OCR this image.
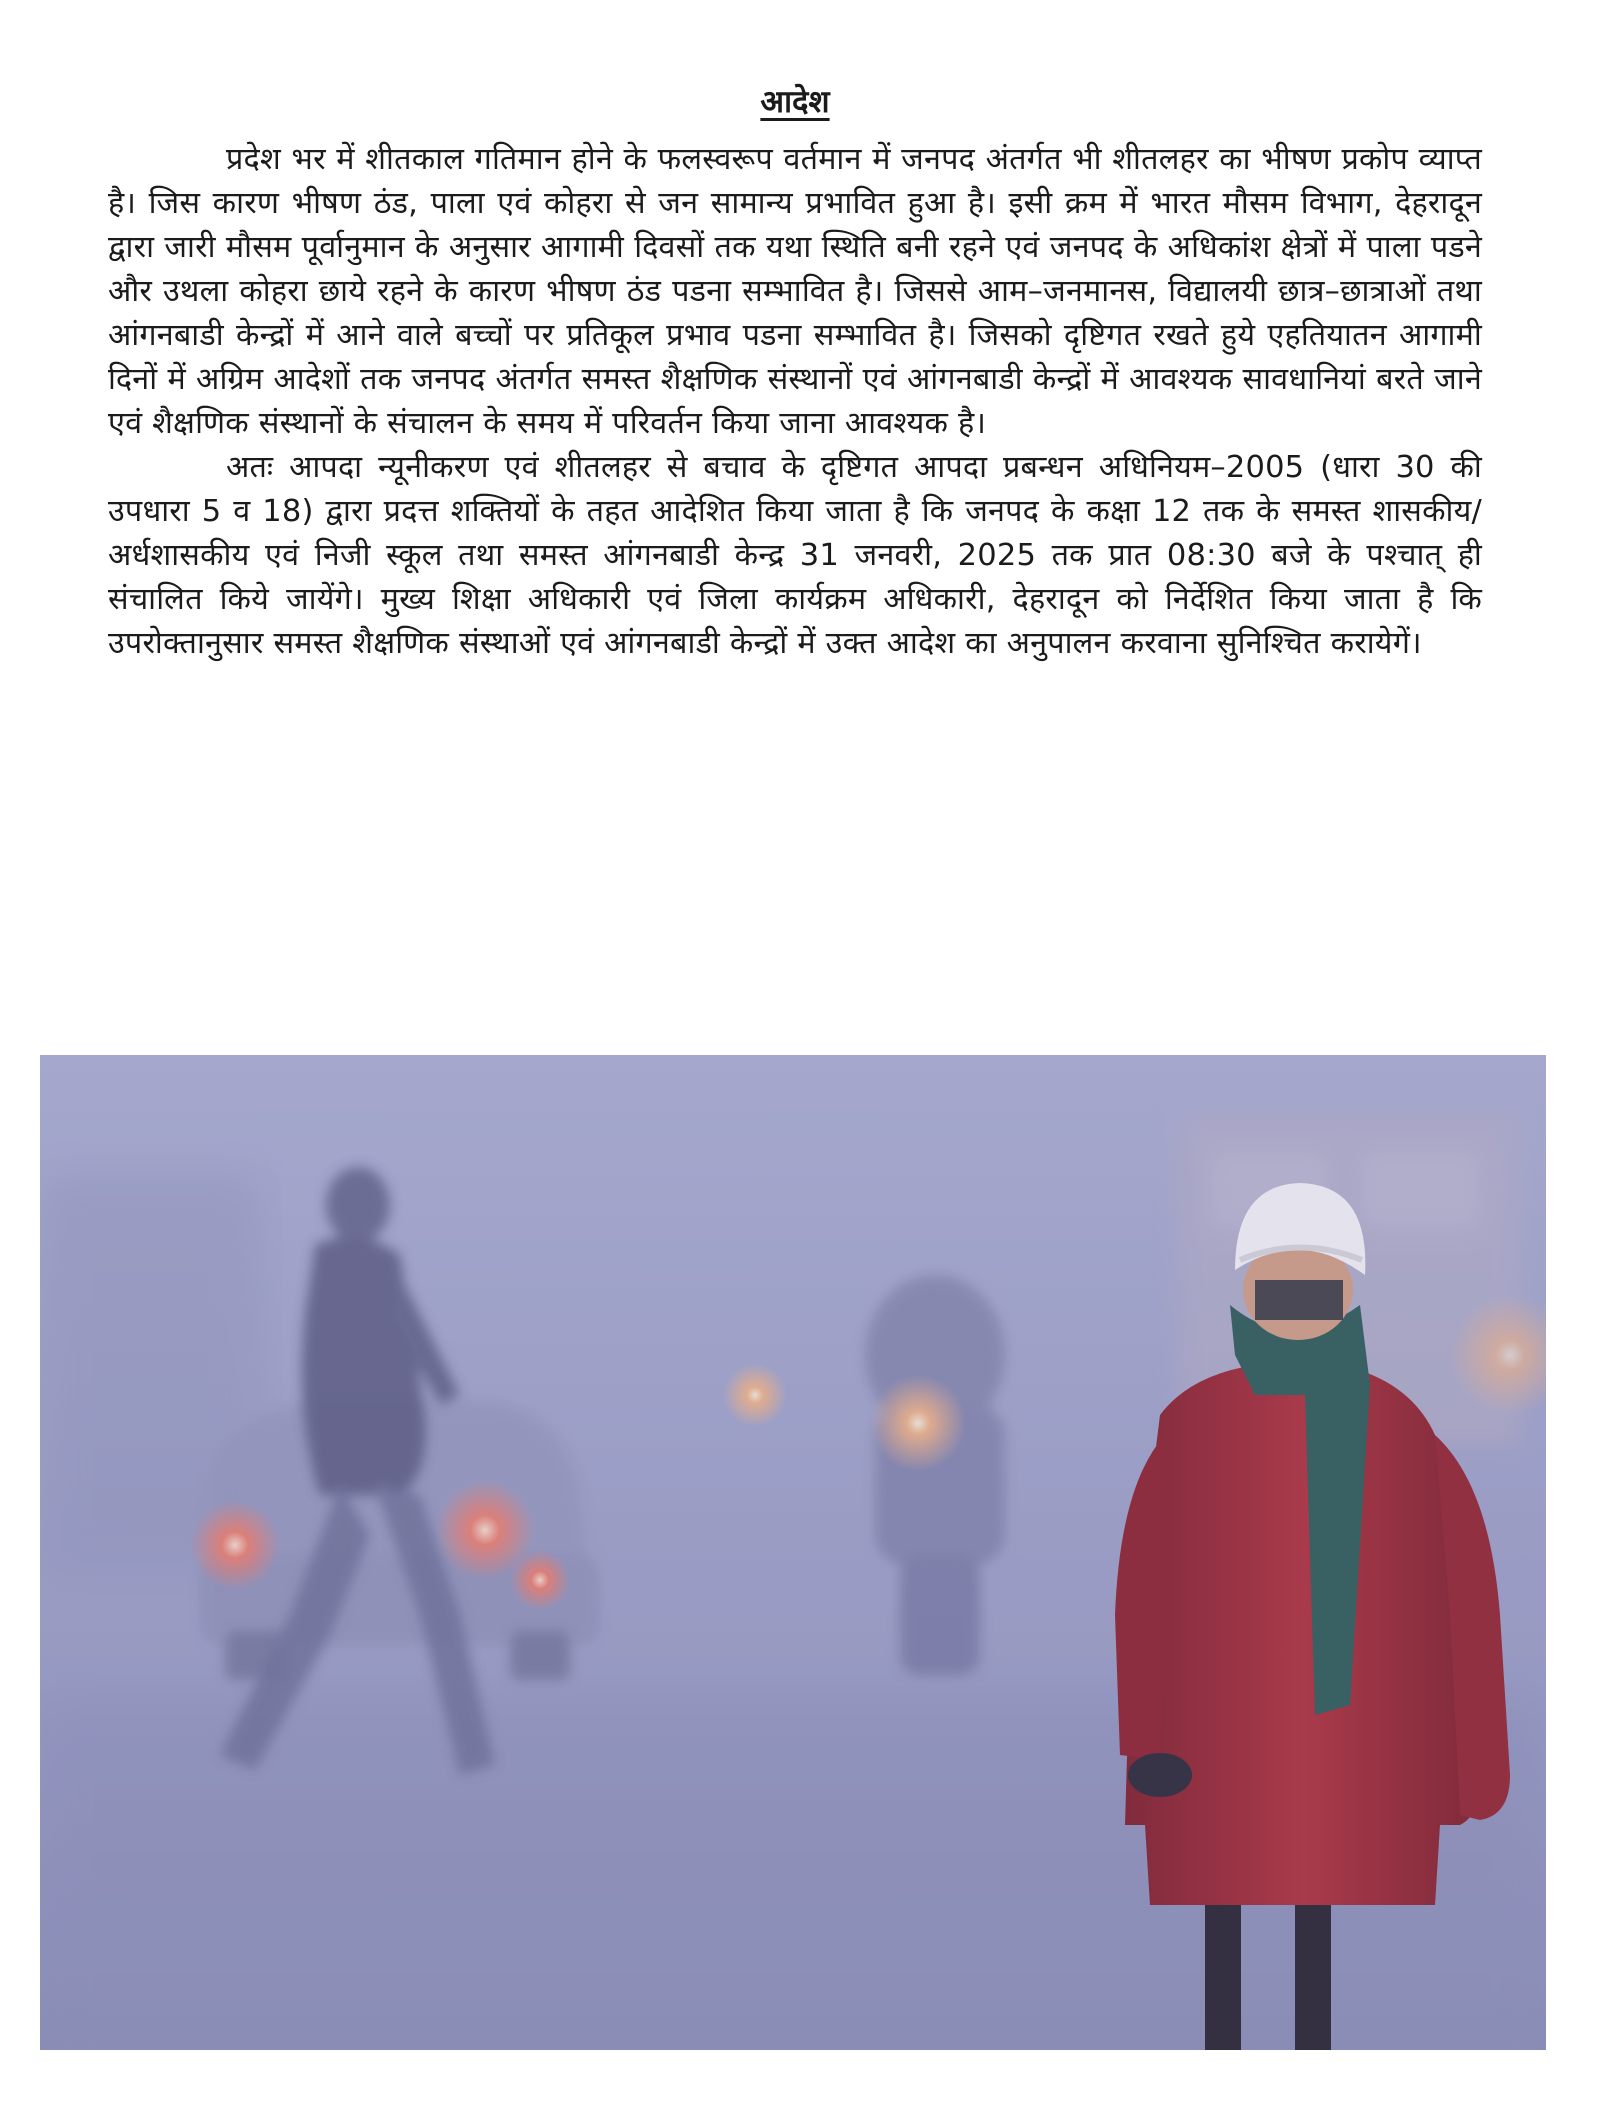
आदेश

प्रदेश भर में शीतकाल गतिमान होने के फलस्वरूप वर्तमान में जनपद अंतर्गत भी शीतलहर का भीषण प्रकोप व्याप्त है। जिस कारण भीषण ठंड, पाला एवं कोहरा से जन सामान्य प्रभावित हुआ है। इसी क्रम में भारत मौसम विभाग, देहरादून द्वारा जारी मौसम पूर्वानुमान के अनुसार आगामी दिवसों तक यथा स्थिति बनी रहने एवं जनपद के अधिकांश क्षेत्रों में पाला पडने और उथला कोहरा छाये रहने के कारण भीषण ठंड पडना सम्भावित है। जिससे आम–जनमानस, विद्यालयी छात्र–छात्राओं तथा आंगनबाडी केन्द्रों में आने वाले बच्चों पर प्रतिकूल प्रभाव पडना सम्भावित है। जिसको दृष्टिगत रखते हुये एहतियातन आगामी दिनों में अग्रिम आदेशों तक जनपद अंतर्गत समस्त शैक्षणिक संस्थानों एवं आंगनबाडी केन्द्रों में आवश्यक सावधानियां बरते जाने एवं शैक्षणिक संस्थानों के संचालन के समय में परिवर्तन किया जाना आवश्यक है।

अतः आपदा न्यूनीकरण एवं शीतलहर से बचाव के दृष्टिगत आपदा प्रबन्धन अधिनियम–2005 (धारा 30 की उपधारा 5 व 18) द्वारा प्रदत्त शक्तियों के तहत आदेशित किया जाता है कि जनपद के कक्षा 12 तक के समस्त शासकीय/अर्धशासकीय एवं निजी स्कूल तथा समस्त आंगनबाडी केन्द्र 31 जनवरी, 2025 तक प्रात 08:30 बजे के पश्चात् ही संचालित किये जायेंगे। मुख्य शिक्षा अधिकारी एवं जिला कार्यक्रम अधिकारी, देहरादून को निर्देशित किया जाता है कि उपरोक्तानुसार समस्त शैक्षणिक संस्थाओं एवं आंगनबाडी केन्द्रों में उक्त आदेश का अनुपालन करवाना सुनिश्चित करायेगें।
